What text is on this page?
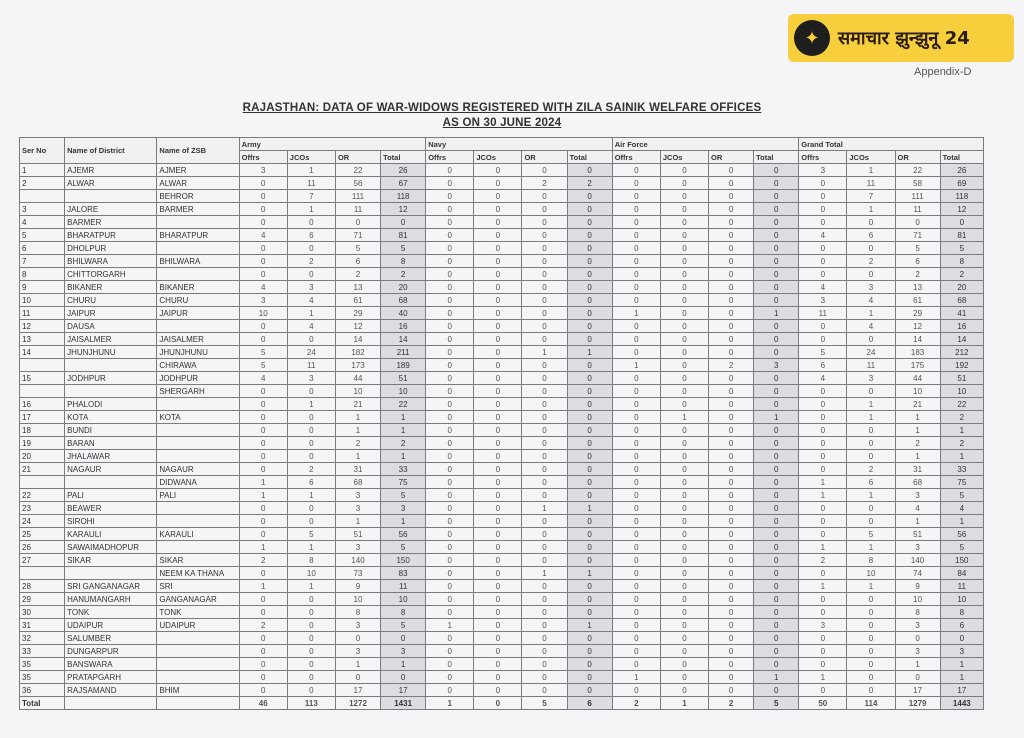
✦	समाचार झुन्झुनू 24
Appendix-D
RAJASTHAN: DATA OF WAR-WIDOWS REGISTERED WITH ZILA SAINIK WELFARE OFFICES
AS ON 30 JUNE 2024
Ser No	Name of District	Name of ZSB	Army				Navy				Air Force				Grand Total			
			Offrs	JCOs	OR	Total	Offrs	JCOs	OR	Total	Offrs	JCOs	OR	Total	Offrs	JCOs	OR	Total
1	AJEMR	AJMER	3	1	22	26	0	0	0	0	0	0	0	0	3	1	22	26
2	ALWAR	ALWAR	0	11	56	67	0	0	2	2	0	0	0	0	0	11	58	69
		BEHROR	0	7	111	118	0	0	0	0	0	0	0	0	0	7	111	118
3	JALORE	BARMER	0	1	11	12	0	0	0	0	0	0	0	0	0	1	11	12
4	BARMER		0	0	0	0	0	0	0	0	0	0	0	0	0	0	0	0
5	BHARATPUR	BHARATPUR	4	6	71	81	0	0	0	0	0	0	0	0	4	6	71	81
6	DHOLPUR		0	0	5	5	0	0	0	0	0	0	0	0	0	0	5	5
7	BHILWARA	BHILWARA	0	2	6	8	0	0	0	0	0	0	0	0	0	2	6	8
8	CHITTORGARH		0	0	2	2	0	0	0	0	0	0	0	0	0	0	2	2
9	BIKANER	BIKANER	4	3	13	20	0	0	0	0	0	0	0	0	4	3	13	20
10	CHURU	CHURU	3	4	61	68	0	0	0	0	0	0	0	0	3	4	61	68
11	JAIPUR	JAIPUR	10	1	29	40	0	0	0	0	1	0	0	1	11	1	29	41
12	DAUSA		0	4	12	16	0	0	0	0	0	0	0	0	0	4	12	16
13	JAISALMER	JAISALMER	0	0	14	14	0	0	0	0	0	0	0	0	0	0	14	14
14	JHUNJHUNU	JHUNJHUNU	5	24	182	211	0	0	1	1	0	0	0	0	5	24	183	212
		CHIRAWA	5	11	173	189	0	0	0	0	1	0	2	3	6	11	175	192
15	JODHPUR	JODHPUR	4	3	44	51	0	0	0	0	0	0	0	0	4	3	44	51
		SHERGARH	0	0	10	10	0	0	0	0	0	0	0	0	0	0	10	10
16	PHALODI		0	1	21	22	0	0	0	0	0	0	0	0	0	1	21	22
17	KOTA	KOTA	0	0	1	1	0	0	0	0	0	1	0	1	0	1	1	2
18	BUNDI		0	0	1	1	0	0	0	0	0	0	0	0	0	0	1	1
19	BARAN		0	0	2	2	0	0	0	0	0	0	0	0	0	0	2	2
20	JHALAWAR		0	0	1	1	0	0	0	0	0	0	0	0	0	0	1	1
21	NAGAUR	NAGAUR	0	2	31	33	0	0	0	0	0	0	0	0	0	2	31	33
		DIDWANA	1	6	68	75	0	0	0	0	0	0	0	0	1	6	68	75
22	PALI	PALI	1	1	3	5	0	0	0	0	0	0	0	0	1	1	3	5
23	BEAWER		0	0	3	3	0	0	1	1	0	0	0	0	0	0	4	4
24	SIROHI		0	0	1	1	0	0	0	0	0	0	0	0	0	0	1	1
25	KARAULI	KARAULI	0	5	51	56	0	0	0	0	0	0	0	0	0	5	51	56
26	SAWAIMADHOPUR		1	1	3	5	0	0	0	0	0	0	0	0	1	1	3	5
27	SIKAR	SIKAR	2	8	140	150	0	0	0	0	0	0	0	0	2	8	140	150
		NEEM KA THANA	0	10	73	83	0	0	1	1	0	0	0	0	0	10	74	84
28	SRI GANGANAGAR	SRI	1	1	9	11	0	0	0	0	0	0	0	0	1	1	9	11
29	HANUMANGARH	GANGANAGAR	0	0	10	10	0	0	0	0	0	0	0	0	0	0	10	10
30	TONK	TONK	0	0	8	8	0	0	0	0	0	0	0	0	0	0	8	8
31	UDAIPUR	UDAIPUR	2	0	3	5	1	0	0	1	0	0	0	0	3	0	3	6
32	SALUMBER		0	0	0	0	0	0	0	0	0	0	0	0	0	0	0	0
33	DUNGARPUR		0	0	3	3	0	0	0	0	0	0	0	0	0	0	3	3
35	BANSWARA		0	0	1	1	0	0	0	0	0	0	0	0	0	0	1	1
35	PRATAPGARH		0	0	0	0	0	0	0	0	1	0	0	1	1	0	0	1
36	RAJSAMAND	BHIM	0	0	17	17	0	0	0	0	0	0	0	0	0	0	17	17
Total			46	113	1272	1431	1	0	5	6	2	1	2	5	50	114	1279	1443
